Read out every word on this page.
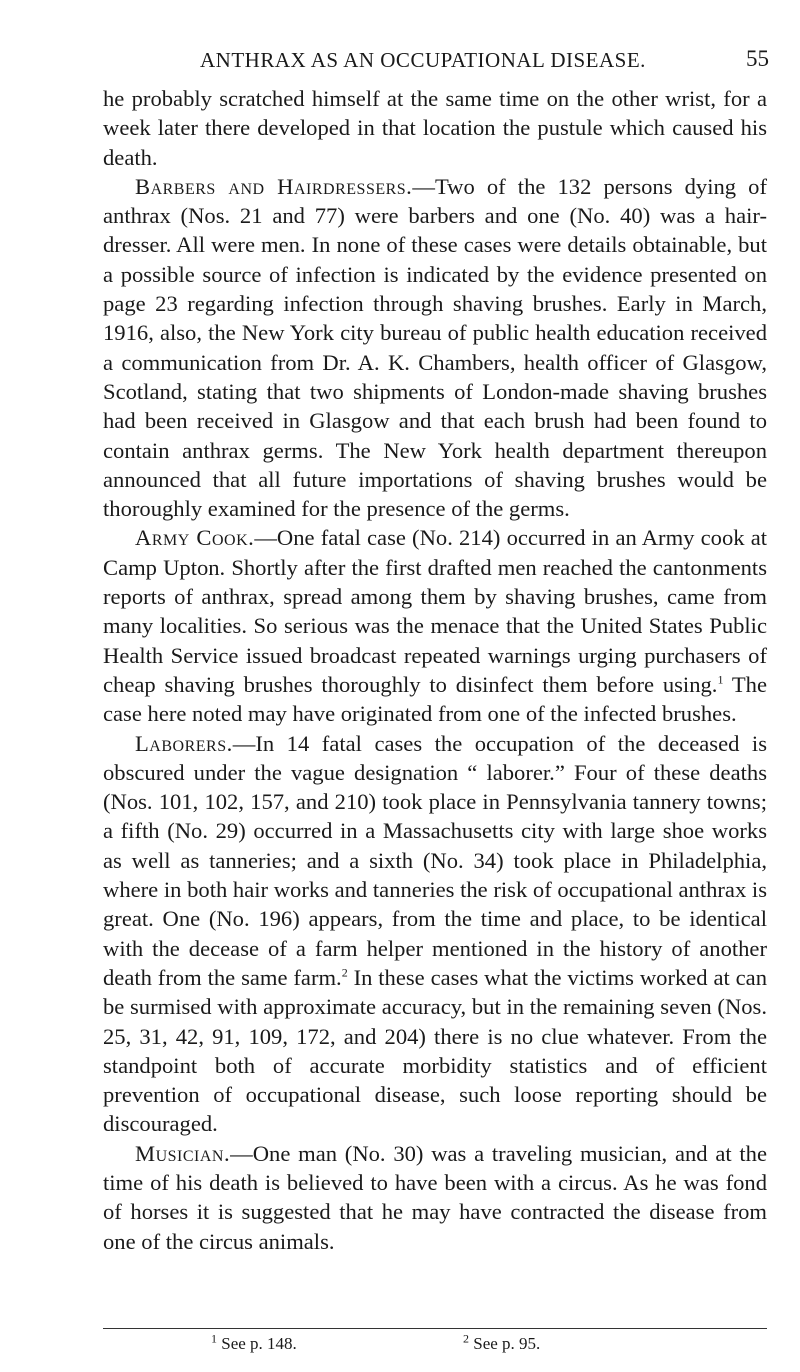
ANTHRAX AS AN OCCUPATIONAL DISEASE.	55

he probably scratched himself at the same time on the other wrist, for a week later there developed in that location the pustule which caused his death.

Barbers and Hairdressers.—Two of the 132 persons dying of anthrax (Nos. 21 and 77) were barbers and one (No. 40) was a hair-dresser. All were men. In none of these cases were details obtainable, but a possible source of infection is indicated by the evidence presented on page 23 regarding infection through shaving brushes. Early in March, 1916, also, the New York city bureau of public health education received a communication from Dr. A. K. Chambers, health officer of Glasgow, Scotland, stating that two shipments of London-made shaving brushes had been received in Glasgow and that each brush had been found to contain anthrax germs. The New York health department thereupon announced that all future importations of shaving brushes would be thoroughly examined for the presence of the germs.

Army Cook.—One fatal case (No. 214) occurred in an Army cook at Camp Upton. Shortly after the first drafted men reached the cantonments reports of anthrax, spread among them by shaving brushes, came from many localities. So serious was the menace that the United States Public Health Service issued broadcast repeated warnings urging purchasers of cheap shaving brushes thoroughly to disinfect them before using.$^1$ The case here noted may have originated from one of the infected brushes.

Laborers.—In 14 fatal cases the occupation of the deceased is obscured under the vague designation “ laborer.” Four of these deaths (Nos. 101, 102, 157, and 210) took place in Pennsylvania tannery towns; a fifth (No. 29) occurred in a Massachusetts city with large shoe works as well as tanneries; and a sixth (No. 34) took place in Philadelphia, where in both hair works and tanneries the risk of occupational anthrax is great. One (No. 196) appears, from the time and place, to be identical with the decease of a farm helper mentioned in the history of another death from the same farm.$^2$ In these cases what the victims worked at can be surmised with approximate accuracy, but in the remaining seven (Nos. 25, 31, 42, 91, 109, 172, and 204) there is no clue whatever. From the standpoint both of accurate morbidity statistics and of efficient prevention of occupational disease, such loose reporting should be discouraged.

Musician.—One man (No. 30) was a traveling musician, and at the time of his death is believed to have been with a circus. As he was fond of horses it is suggested that he may have contracted the disease from one of the circus animals.

$^1$ See p. 148.	$^2$ See p. 95.
